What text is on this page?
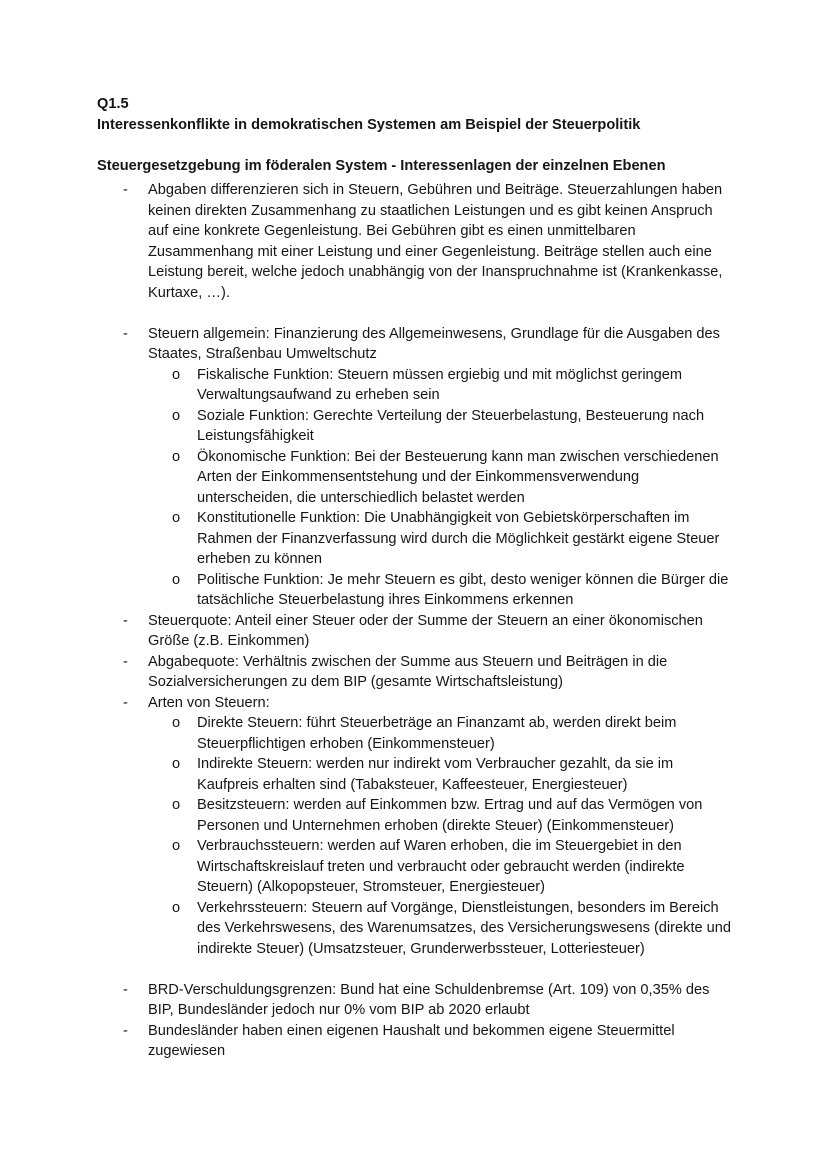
Q1.5
Interessenkonflikte in demokratischen Systemen am Beispiel der Steuerpolitik
Steuergesetzgebung im föderalen System - Interessenlagen der einzelnen Ebenen
- Abgaben differenzieren sich in Steuern, Gebühren und Beiträge. Steuerzahlungen haben keinen direkten Zusammenhang zu staatlichen Leistungen und es gibt keinen Anspruch auf eine konkrete Gegenleistung. Bei Gebühren gibt es einen unmittelbaren Zusammenhang mit einer Leistung und einer Gegenleistung. Beiträge stellen auch eine Leistung bereit, welche jedoch unabhängig von der Inanspruchnahme ist (Krankenkasse, Kurtaxe, …).
- Steuern allgemein: Finanzierung des Allgemeinwesens, Grundlage für die Ausgaben des Staates, Straßenbau Umweltschutz
o Fiskalische Funktion: Steuern müssen ergiebig und mit möglichst geringem Verwaltungsaufwand zu erheben sein
o Soziale Funktion: Gerechte Verteilung der Steuerbelastung, Besteuerung nach Leistungsfähigkeit
o Ökonomische Funktion: Bei der Besteuerung kann man zwischen verschiedenen Arten der Einkommensentstehung und der Einkommensverwendung unterscheiden, die unterschiedlich belastet werden
o Konstitutionelle Funktion: Die Unabhängigkeit von Gebietskörperschaften im Rahmen der Finanzverfassung wird durch die Möglichkeit gestärkt eigene Steuer erheben zu können
o Politische Funktion: Je mehr Steuern es gibt, desto weniger können die Bürger die tatsächliche Steuerbelastung ihres Einkommens erkennen
- Steuerquote: Anteil einer Steuer oder der Summe der Steuern an einer ökonomischen Größe (z.B. Einkommen)
- Abgabequote: Verhältnis zwischen der Summe aus Steuern und Beiträgen in die Sozialversicherungen zu dem BIP (gesamte Wirtschaftsleistung)
- Arten von Steuern:
o Direkte Steuern: führt Steuerbeträge an Finanzamt ab, werden direkt beim Steuerpflichtigen erhoben (Einkommensteuer)
o Indirekte Steuern: werden nur indirekt vom Verbraucher gezahlt, da sie im Kaufpreis erhalten sind (Tabaksteuer, Kaffeesteuer, Energiesteuer)
o Besitzsteuern: werden auf Einkommen bzw. Ertrag und auf das Vermögen von Personen und Unternehmen erhoben (direkte Steuer) (Einkommensteuer)
o Verbrauchssteuern: werden auf Waren erhoben, die im Steuergebiet in den Wirtschaftskreislauf treten und verbraucht oder gebraucht werden (indirekte Steuern) (Alkopopsteuer, Stromsteuer, Energiesteuer)
o Verkehrssteuern: Steuern auf Vorgänge, Dienstleistungen, besonders im Bereich des Verkehrswesens, des Warenumsatzes, des Versicherungswesens (direkte und indirekte Steuer) (Umsatzsteuer, Grunderwerbssteuer, Lotteriesteuer)
- BRD-Verschuldungsgrenzen: Bund hat eine Schuldenbremse (Art. 109) von 0,35% des BIP, Bundesländer jedoch nur 0% vom BIP ab 2020 erlaubt
- Bundesländer haben einen eigenen Haushalt und bekommen eigene Steuermittel zugewiesen
